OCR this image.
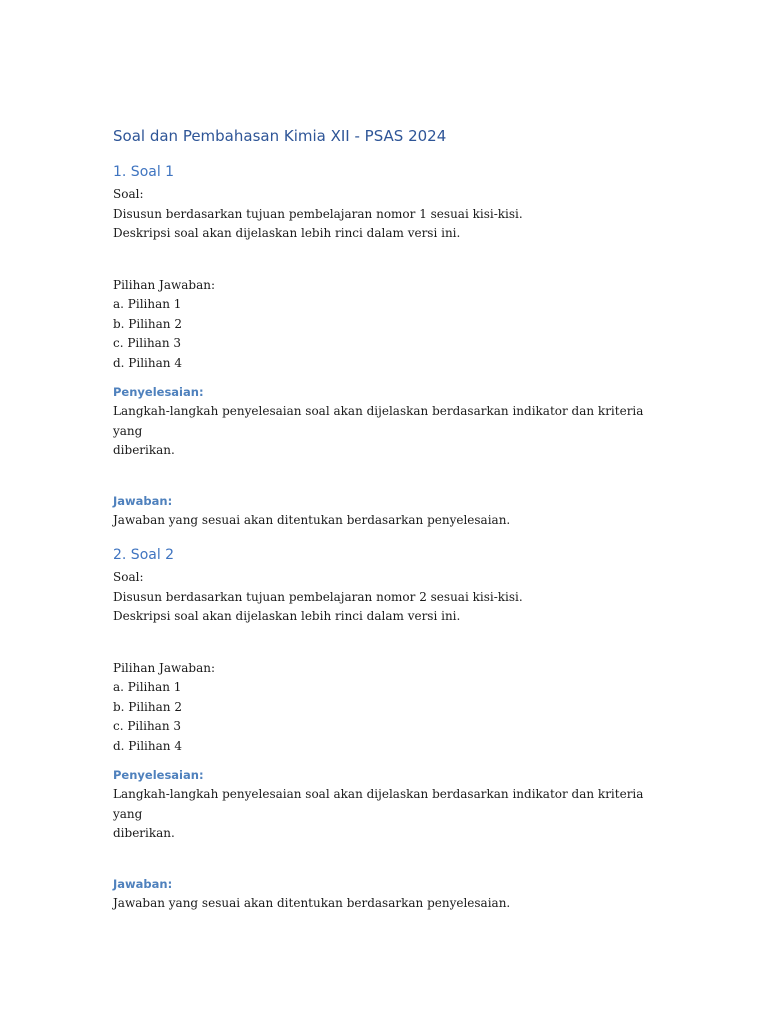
Soal dan Pembahasan Kimia XII - PSAS 2024
1. Soal 1

Soal:

Disusun berdasarkan tujuan pembelajaran nomor 1 sesuai kisi-kisi.

Deskripsi soal akan dijelaskan lebih rinci dalam versi ini.

Pilihan Jawaban:

a. Pilihan 1
b. Pilihan 2
c. Pilihan 3
d. Pilihan 4
Penyelesaian:

Langkah-langkah penyelesaian soal akan dijelaskan berdasarkan indikator dan kriteria yang

diberikan.

Jawaban:

Jawaban yang sesuai akan ditentukan berdasarkan penyelesaian.

2. Soal 2

Soal:

Disusun berdasarkan tujuan pembelajaran nomor 2 sesuai kisi-kisi.

Deskripsi soal akan dijelaskan lebih rinci dalam versi ini.

Pilihan Jawaban:

a. Pilihan 1
b. Pilihan 2
c. Pilihan 3
d. Pilihan 4
Penyelesaian:

Langkah-langkah penyelesaian soal akan dijelaskan berdasarkan indikator dan kriteria yang

diberikan.

Jawaban:

Jawaban yang sesuai akan ditentukan berdasarkan penyelesaian.
